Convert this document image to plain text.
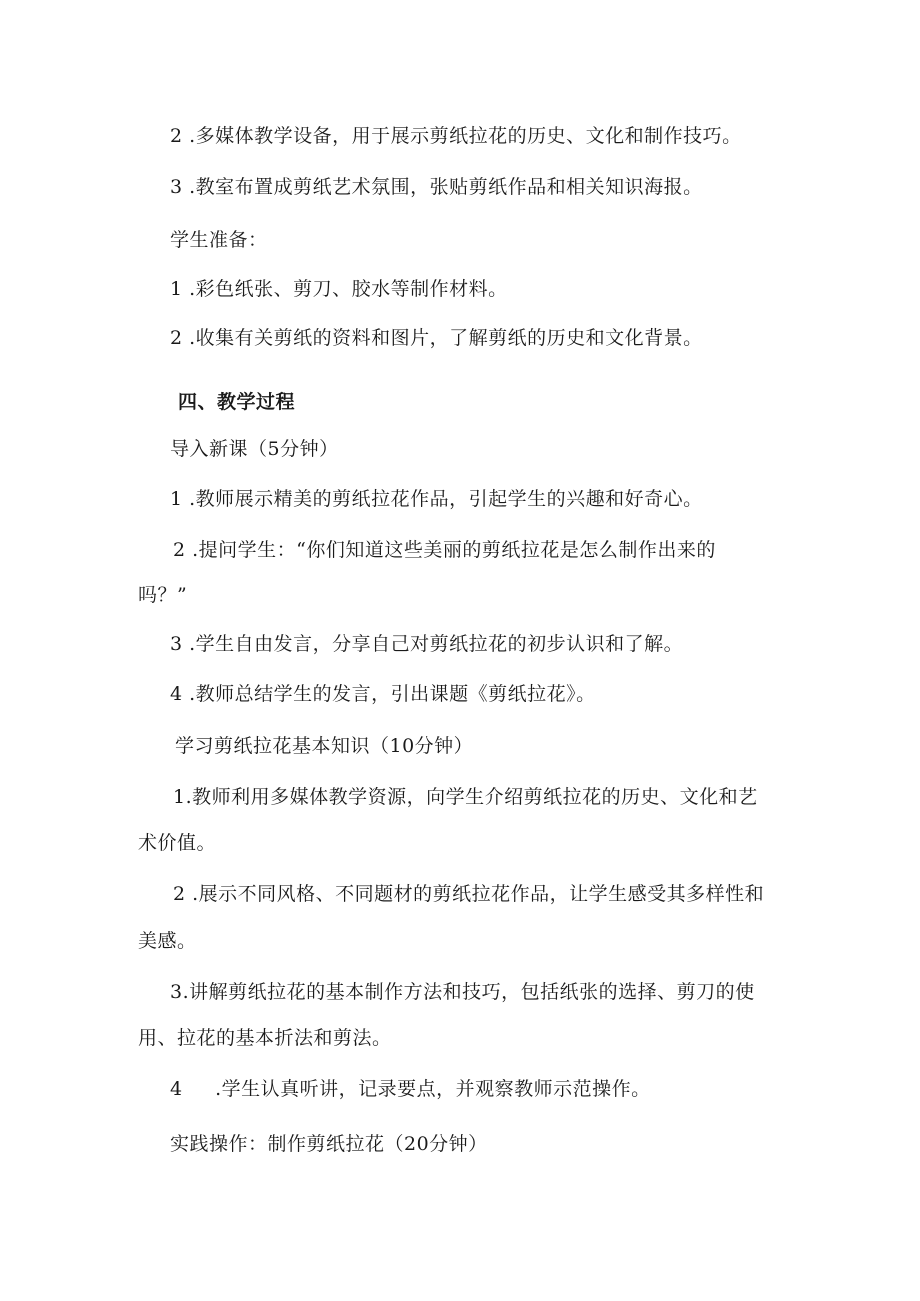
2 .多媒体教学设备，用于展示剪纸拉花的历史、文化和制作技巧。
3 .教室布置成剪纸艺术氛围，张贴剪纸作品和相关知识海报。
学生准备：
1 .彩色纸张、剪刀、胶水等制作材料。
2 .收集有关剪纸的资料和图片，了解剪纸的历史和文化背景。
四、教学过程
导入新课（5分钟）
1 .教师展示精美的剪纸拉花作品，引起学生的兴趣和好奇心。
2 .提问学生：“你们知道这些美丽的剪纸拉花是怎么制作出来的
吗？”
3 .学生自由发言，分享自己对剪纸拉花的初步认识和了解。
4 .教师总结学生的发言，引出课题《剪纸拉花》。
学习剪纸拉花基本知识（10分钟）
1.教师利用多媒体教学资源，向学生介绍剪纸拉花的历史、文化和艺
术价值。
2 .展示不同风格、不同题材的剪纸拉花作品，让学生感受其多样性和
美感。
3.讲解剪纸拉花的基本制作方法和技巧，包括纸张的选择、剪刀的使
用、拉花的基本折法和剪法。
4 .学生认真听讲，记录要点，并观察教师示范操作。
实践操作：制作剪纸拉花（20分钟）
